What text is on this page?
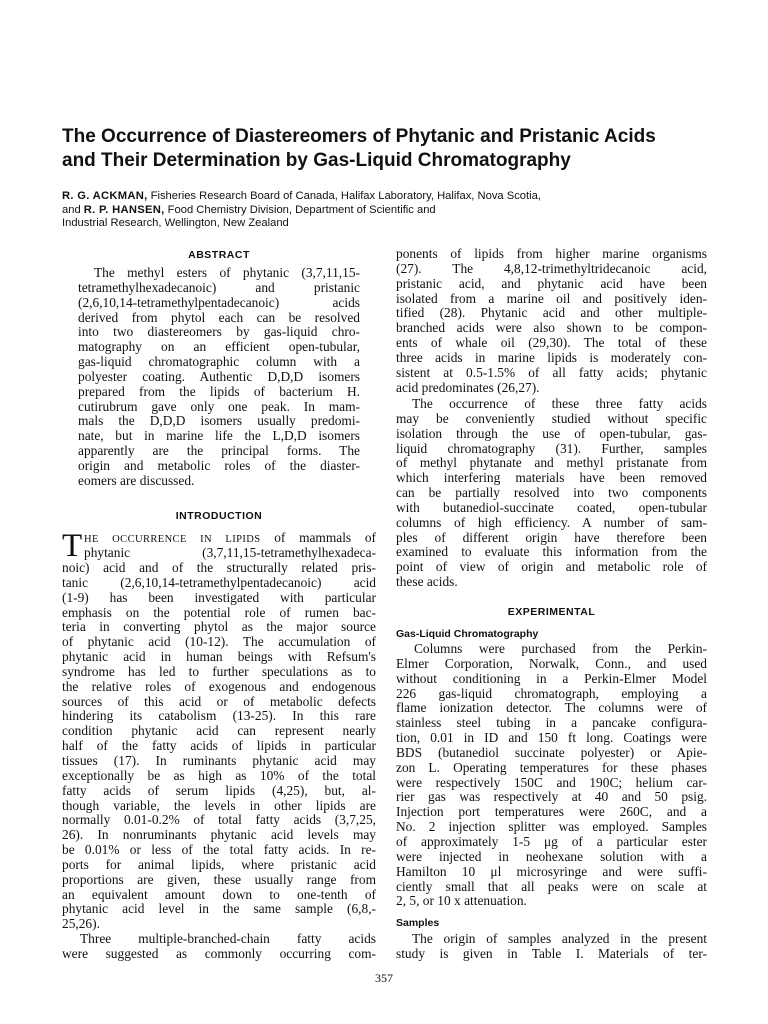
The Occurrence of Diastereomers of Phytanic and Pristanic Acids
and Their Determination by Gas-Liquid Chromatography
R. G. ACKMAN, Fisheries Research Board of Canada, Halifax Laboratory, Halifax, Nova Scotia,
and R. P. HANSEN, Food Chemistry Division, Department of Scientific and
Industrial Research, Wellington, New Zealand
ABSTRACT
The methyl esters of phytanic (3,7,11,15-
tetramethylhexadecanoic) and pristanic
(2,6,10,14-tetramethylpentadecanoic) acids
derived from phytol each can be resolved
into two diastereomers by gas-liquid chro-
matography on an efficient open-tubular,
gas-liquid chromatographic column with a
polyester coating. Authentic D,D,D isomers
prepared from the lipids of bacterium H.
cutirubrum gave only one peak. In mam-
mals the D,D,D isomers usually predomi-
nate, but in marine life the L,D,D isomers
apparently are the principal forms. The
origin and metabolic roles of the diaster-
eomers are discussed.
INTRODUCTION
T HE OCCURRENCE IN LIPIDS of mammals of
phytanic (3,7,11,15-tetramethylhexadeca-
noic) acid and of the structurally related pris-
tanic (2,6,10,14-tetramethylpentadecanoic) acid
(1-9) has been investigated with particular
emphasis on the potential role of rumen bac-
teria in converting phytol as the major source
of phytanic acid (10-12). The accumulation of
phytanic acid in human beings with Refsum's
syndrome has led to further speculations as to
the relative roles of exogenous and endogenous
sources of this acid or of metabolic defects
hindering its catabolism (13-25). In this rare
condition phytanic acid can represent nearly
half of the fatty acids of lipids in particular
tissues (17). In ruminants phytanic acid may
exceptionally be as high as 10% of the total
fatty acids of serum lipids (4,25), but, al-
though variable, the levels in other lipids are
normally 0.01-0.2% of total fatty acids (3,7,25,
26). In nonruminants phytanic acid levels may
be 0.01% or less of the total fatty acids. In re-
ports for animal lipids, where pristanic acid
proportions are given, these usually range from
an equivalent amount down to one-tenth of
phytanic acid level in the same sample (6,8,-
25,26).
Three multiple-branched-chain fatty acids
were suggested as commonly occurring com-
ponents of lipids from higher marine organisms
(27). The 4,8,12-trimethyltridecanoic acid,
pristanic acid, and phytanic acid have been
isolated from a marine oil and positively iden-
tified (28). Phytanic acid and other multiple-
branched acids were also shown to be compon-
ents of whale oil (29,30). The total of these
three acids in marine lipids is moderately con-
sistent at 0.5-1.5% of all fatty acids; phytanic
acid predominates (26,27).
The occurrence of these three fatty acids
may be conveniently studied without specific
isolation through the use of open-tubular, gas-
liquid chromatography (31). Further, samples
of methyl phytanate and methyl pristanate from
which interfering materials have been removed
can be partially resolved into two components
with butanediol-succinate coated, open-tubular
columns of high efficiency. A number of sam-
ples of different origin have therefore been
examined to evaluate this information from the
point of view of origin and metabolic role of
these acids.
EXPERIMENTAL
Gas-Liquid Chromatography
Columns were purchased from the Perkin-
Elmer Corporation, Norwalk, Conn., and used
without conditioning in a Perkin-Elmer Model
226 gas-liquid chromatograph, employing a
flame ionization detector. The columns were of
stainless steel tubing in a pancake configura-
tion, 0.01 in ID and 150 ft long. Coatings were
BDS (butanediol succinate polyester) or Apie-
zon L. Operating temperatures for these phases
were respectively 150C and 190C; helium car-
rier gas was respectively at 40 and 50 psig.
Injection port temperatures were 260C, and a
No. 2 injection splitter was employed. Samples
of approximately 1-5 μg of a particular ester
were injected in neohexane solution with a
Hamilton 10 μl microsyringe and were suffi-
ciently small that all peaks were on scale at
2, 5, or 10 x attenuation.
Samples
The origin of samples analyzed in the present
study is given in Table I. Materials of ter-
357
